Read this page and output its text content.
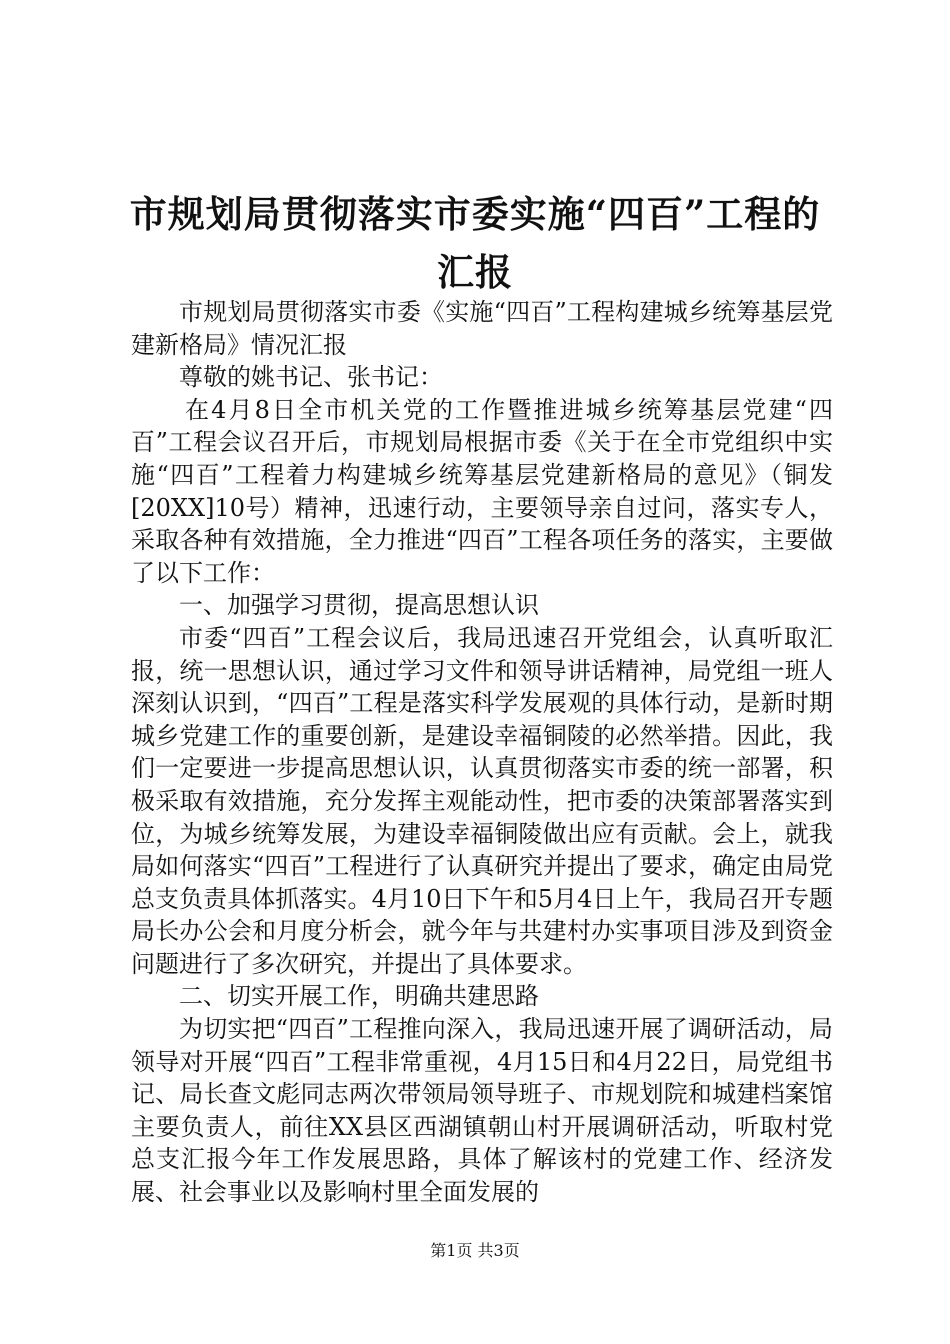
市规划局贯彻落实市委实施“四百”工程的汇报

市规划局贯彻落实市委《实施“四百”工程构建城乡统筹基层党建新格局》情况汇报

尊敬的姚书记、张书记：

在4月8日全市机关党的工作暨推进城乡统筹基层党建“四百”工程会议召开后，市规划局根据市委《关于在全市党组织中实施“四百”工程着力构建城乡统筹基层党建新格局的意见》（铜发[20XX]10号）精神，迅速行动，主要领导亲自过问，落实专人，采取各种有效措施，全力推进“四百”工程各项任务的落实，主要做了以下工作：

一、加强学习贯彻，提高思想认识

市委“四百”工程会议后，我局迅速召开党组会，认真听取汇报，统一思想认识，通过学习文件和领导讲话精神，局党组一班人深刻认识到，“四百”工程是落实科学发展观的具体行动，是新时期城乡党建工作的重要创新，是建设幸福铜陵的必然举措。因此，我们一定要进一步提高思想认识，认真贯彻落实市委的统一部署，积极采取有效措施，充分发挥主观能动性，把市委的决策部署落实到位，为城乡统筹发展，为建设幸福铜陵做出应有贡献。会上，就我局如何落实“四百”工程进行了认真研究并提出了要求，确定由局党总支负责具体抓落实。4月10日下午和5月4日上午，我局召开专题局长办公会和月度分析会，就今年与共建村办实事项目涉及到资金问题进行了多次研究，并提出了具体要求。

二、切实开展工作，明确共建思路

为切实把“四百”工程推向深入，我局迅速开展了调研活动，局领导对开展“四百”工程非常重视，4月15日和4月22日，局党组书记、局长查文彪同志两次带领局领导班子、市规划院和城建档案馆主要负责人，前往XX县区西湖镇朝山村开展调研活动，听取村党总支汇报今年工作发展思路，具体了解该村的党建工作、经济发展、社会事业以及影响村里全面发展的

第1页 共3页
